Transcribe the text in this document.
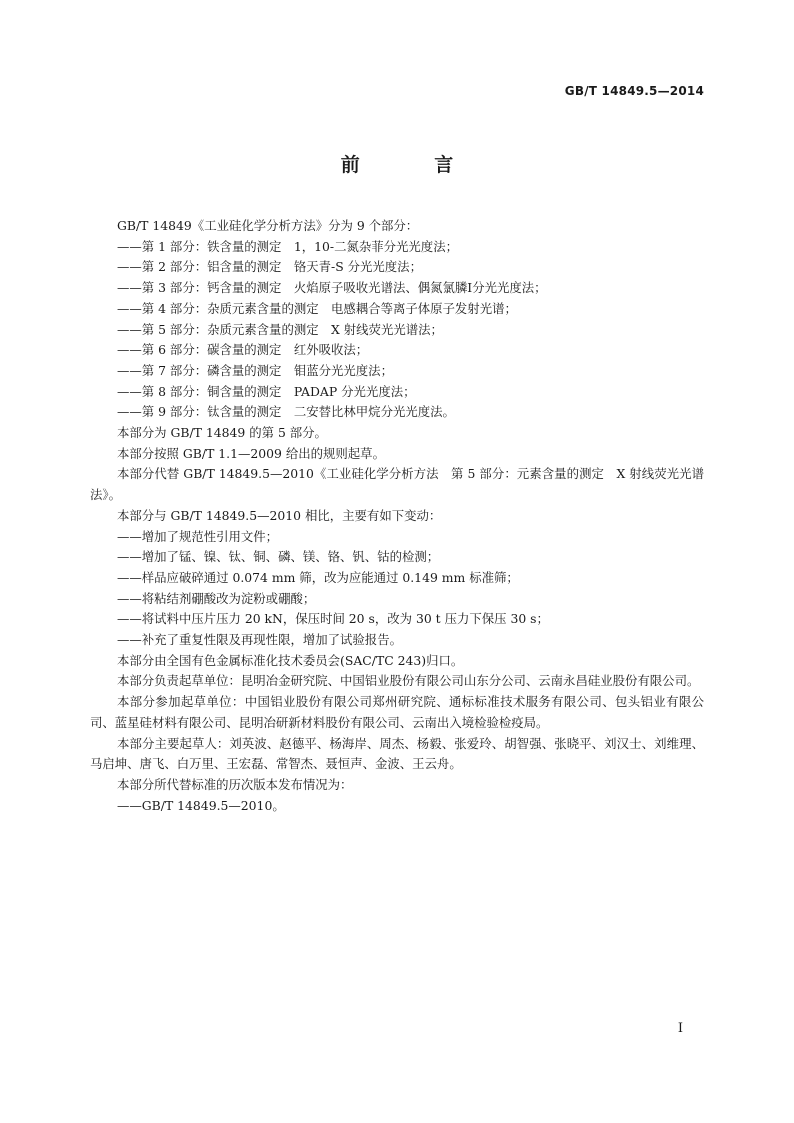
GB/T 14849.5—2014
前 言

GB/T 14849《工业硅化学分析方法》分为 9 个部分：

——第 1 部分：铁含量的测定　1，10-二氮杂菲分光光度法；

——第 2 部分：铝含量的测定　铬天青-S 分光光度法；

——第 3 部分：钙含量的测定　火焰原子吸收光谱法、偶氮氯膦Ⅰ分光光度法；

——第 4 部分：杂质元素含量的测定　电感耦合等离子体原子发射光谱；

——第 5 部分：杂质元素含量的测定　X 射线荧光光谱法；

——第 6 部分：碳含量的测定　红外吸收法；

——第 7 部分：磷含量的测定　钼蓝分光光度法；

——第 8 部分：铜含量的测定　PADAP 分光光度法；

——第 9 部分：钛含量的测定　二安替比林甲烷分光光度法。

本部分为 GB/T 14849 的第 5 部分。

本部分按照 GB/T 1.1—2009 给出的规则起草。

本部分代替 GB/T 14849.5—2010《工业硅化学分析方法　第 5 部分：元素含量的测定　X 射线荧光光谱法》。

本部分与 GB/T 14849.5—2010 相比，主要有如下变动：

——增加了规范性引用文件；

——增加了锰、镍、钛、铜、磷、镁、铬、钒、钴的检测；

——样品应破碎通过 0.074 mm 筛，改为应能通过 0.149 mm 标准筛；

——将粘结剂硼酸改为淀粉或硼酸；

——将试料中压片压力 20 kN，保压时间 20 s，改为 30 t 压力下保压 30 s；

——补充了重复性限及再现性限，增加了试验报告。

本部分由全国有色金属标准化技术委员会(SAC/TC 243)归口。

本部分负责起草单位：昆明冶金研究院、中国铝业股份有限公司山东分公司、云南永昌硅业股份有限公司。

本部分参加起草单位：中国铝业股份有限公司郑州研究院、通标标准技术服务有限公司、包头铝业有限公司、蓝星硅材料有限公司、昆明冶研新材料股份有限公司、云南出入境检验检疫局。

本部分主要起草人：刘英波、赵德平、杨海岸、周杰、杨毅、张爱玲、胡智强、张晓平、刘汉士、刘维理、马启坤、唐飞、白万里、王宏磊、常智杰、聂恒声、金波、王云舟。

本部分所代替标准的历次版本发布情况为：

——GB/T 14849.5—2010。

Ⅰ
